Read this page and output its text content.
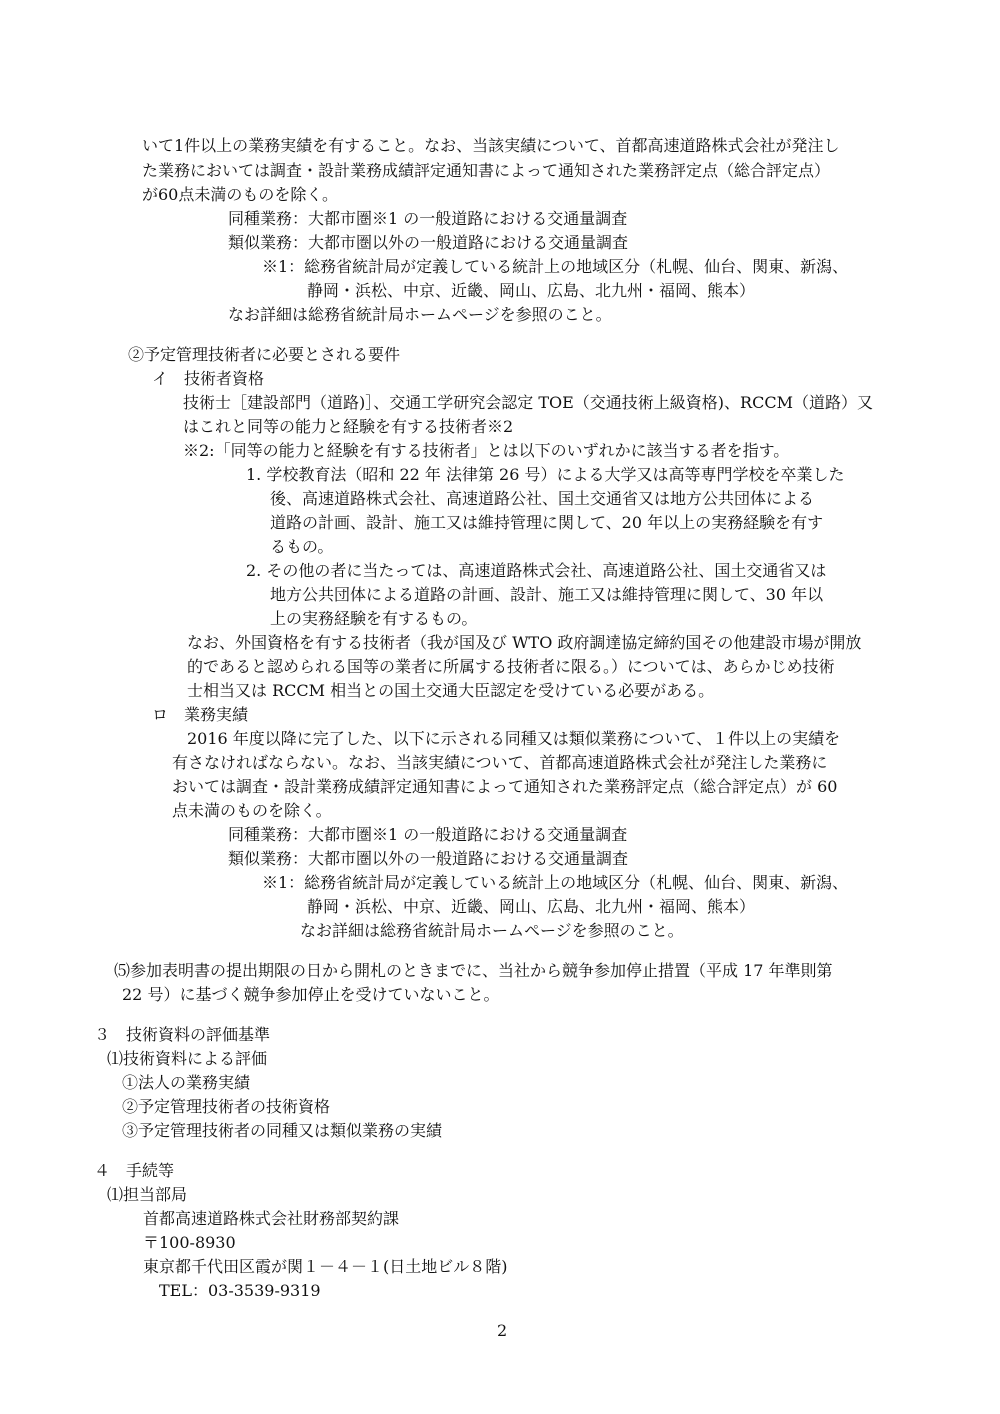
いて1件以上の業務実績を有すること。なお、当該実績について、首都高速道路株式会社が発注し
た業務においては調査・設計業務成績評定通知書によって通知された業務評定点（総合評定点）
が60点未満のものを除く。
同種業務：大都市圏※1 の一般道路における交通量調査
類似業務：大都市圏以外の一般道路における交通量調査
※1：総務省統計局が定義している統計上の地域区分（札幌、仙台、関東、新潟、
静岡・浜松、中京、近畿、岡山、広島、北九州・福岡、熊本）
なお詳細は総務省統計局ホームページを参照のこと。
②予定管理技術者に必要とされる要件
イ　技術者資格
技術士［建設部門（道路)］、交通工学研究会認定 TOE（交通技術上級資格)、RCCM（道路）又
はこれと同等の能力と経験を有する技術者※2
※2:「同等の能力と経験を有する技術者」とは以下のいずれかに該当する者を指す。
1. 学校教育法（昭和 22 年 法律第 26 号）による大学又は高等専門学校を卒業した
後、高速道路株式会社、高速道路公社、国土交通省又は地方公共団体による
道路の計画、設計、施工又は維持管理に関して、20 年以上の実務経験を有す
るもの。
2. その他の者に当たっては、高速道路株式会社、高速道路公社、国土交通省又は
地方公共団体による道路の計画、設計、施工又は維持管理に関して、30 年以
上の実務経験を有するもの。
なお、外国資格を有する技術者（我が国及び WTO 政府調達協定締約国その他建設市場が開放
的であると認められる国等の業者に所属する技術者に限る。）については、あらかじめ技術
士相当又は RCCM 相当との国土交通大臣認定を受けている必要がある。
ロ　業務実績
2016 年度以降に完了した、以下に示される同種又は類似業務について、１件以上の実績を
有さなければならない。なお、当該実績について、首都高速道路株式会社が発注した業務に
おいては調査・設計業務成績評定通知書によって通知された業務評定点（総合評定点）が 60
点未満のものを除く。
同種業務：大都市圏※1 の一般道路における交通量調査
類似業務：大都市圏以外の一般道路における交通量調査
※1：総務省統計局が定義している統計上の地域区分（札幌、仙台、関東、新潟、
静岡・浜松、中京、近畿、岡山、広島、北九州・福岡、熊本）
なお詳細は総務省統計局ホームページを参照のこと。
⑸参加表明書の提出期限の日から開札のときまでに、当社から競争参加停止措置（平成 17 年準則第
22 号）に基づく競争参加停止を受けていないこと。
３　技術資料の評価基準
⑴技術資料による評価
①法人の業務実績
②予定管理技術者の技術資格
③予定管理技術者の同種又は類似業務の実績
４　手続等
⑴担当部局
首都高速道路株式会社財務部契約課
〒100-8930
東京都千代田区霞が関１－４－１(日土地ビル８階)
TEL：03-3539-9319
2
